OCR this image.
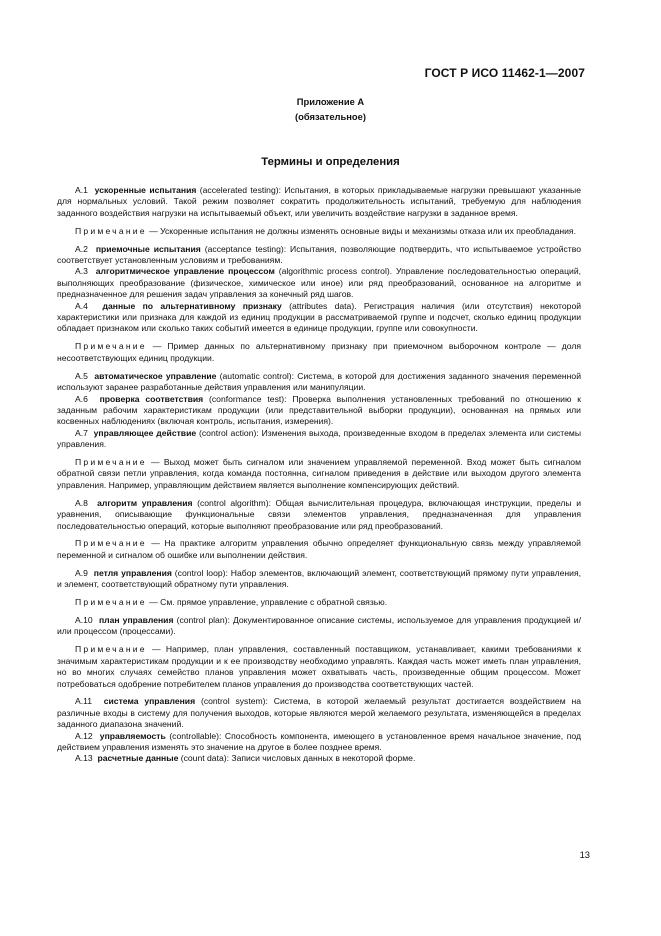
ГОСТ Р ИСО 11462-1—2007
Приложение А
(обязательное)
Термины и определения

А.1 ускоренные испытания (accelerated testing): Испытания, в которых прикладываемые нагрузки превышают указанные для нормальных условий. Такой режим позволяет сократить продолжительность испытаний, требуемую для наблюдения заданного воздействия нагрузки на испытываемый объект, или увеличить воздействие нагрузки в заданное время.

Примечание — Ускоренные испытания не должны изменять основные виды и механизмы отказа или их преобладания.

А.2 приемочные испытания (acceptance testing): Испытания, позволяющие подтвердить, что испытываемое устройство соответствует установленным условиям и требованиям.

А.3 алгоритмическое управление процессом (algorithmic process control). Управление последовательностью операций, выполняющих преобразование (физическое, химическое или иное) или ряд преобразований, основанное на алгоритме и предназначенное для решения задач управления за конечный ряд шагов.

А.4 данные по альтернативному признаку (attributes data). Регистрация наличия (или отсутствия) некоторой характеристики или признака для каждой из единиц продукции в рассматриваемой группе и подсчет, сколько единиц продукции обладает признаком или сколько таких событий имеется в единице продукции, группе или совокупности.

Примечание — Пример данных по альтернативному признаку при приемочном выборочном контроле — доля несоответствующих единиц продукции.

А.5 автоматическое управление (automatic control): Система, в которой для достижения заданного значения переменной используют заранее разработанные действия управления или манипуляции.

А.6 проверка соответствия (conformance test): Проверка выполнения установленных требований по отношению к заданным рабочим характеристикам продукции (или представительной выборки продукции), основанная на прямых или косвенных наблюдениях (включая контроль, испытания, измерения).

А.7 управляющее действие (control action): Изменения выхода, произведенные входом в пределах элемента или системы управления.

Примечание — Выход может быть сигналом или значением управляемой переменной. Вход может быть сигналом обратной связи петли управления, когда команда постоянна, сигналом приведения в действие или выходом другого элемента управления. Например, управляющим действием является выполнение компенсирующих действий.

А.8 алгоритм управления (control algorithm): Общая вычислительная процедура, включающая инструкции, пределы и уравнения, описывающие функциональные связи элементов управления, предназначенная для управления последовательностью операций, которые выполняют преобразование или ряд преобразований.

Примечание — На практике алгоритм управления обычно определяет функциональную связь между управляемой переменной и сигналом об ошибке или выполнении действия.

А.9 петля управления (control loop): Набор элементов, включающий элемент, соответствующий прямому пути управления, и элемент, соответствующий обратному пути управления.

Примечание — См. прямое управление, управление с обратной связью.

А.10 план управления (control plan): Документированное описание системы, используемое для управления продукцией и/или процессом (процессами).

Примечание — Например, план управления, составленный поставщиком, устанавливает, какими требованиями к значимым характеристикам продукции и к ее производству необходимо управлять. Каждая часть может иметь план управления, но во многих случаях семейство планов управления может охватывать часть, произведенные общим процессом. Может потребоваться одобрение потребителем планов управления до производства соответствующих частей.

А.11 система управления (control system): Система, в которой желаемый результат достигается воздействием на различные входы в систему для получения выходов, которые являются мерой желаемого результата, изменяющейся в пределах заданного диапазона значений.

А.12 управляемость (controllable): Способность компонента, имеющего в установленное время начальное значение, под действием управления изменять это значение на другое в более позднее время.

А.13 расчетные данные (count data): Записи числовых данных в некоторой форме.

13
